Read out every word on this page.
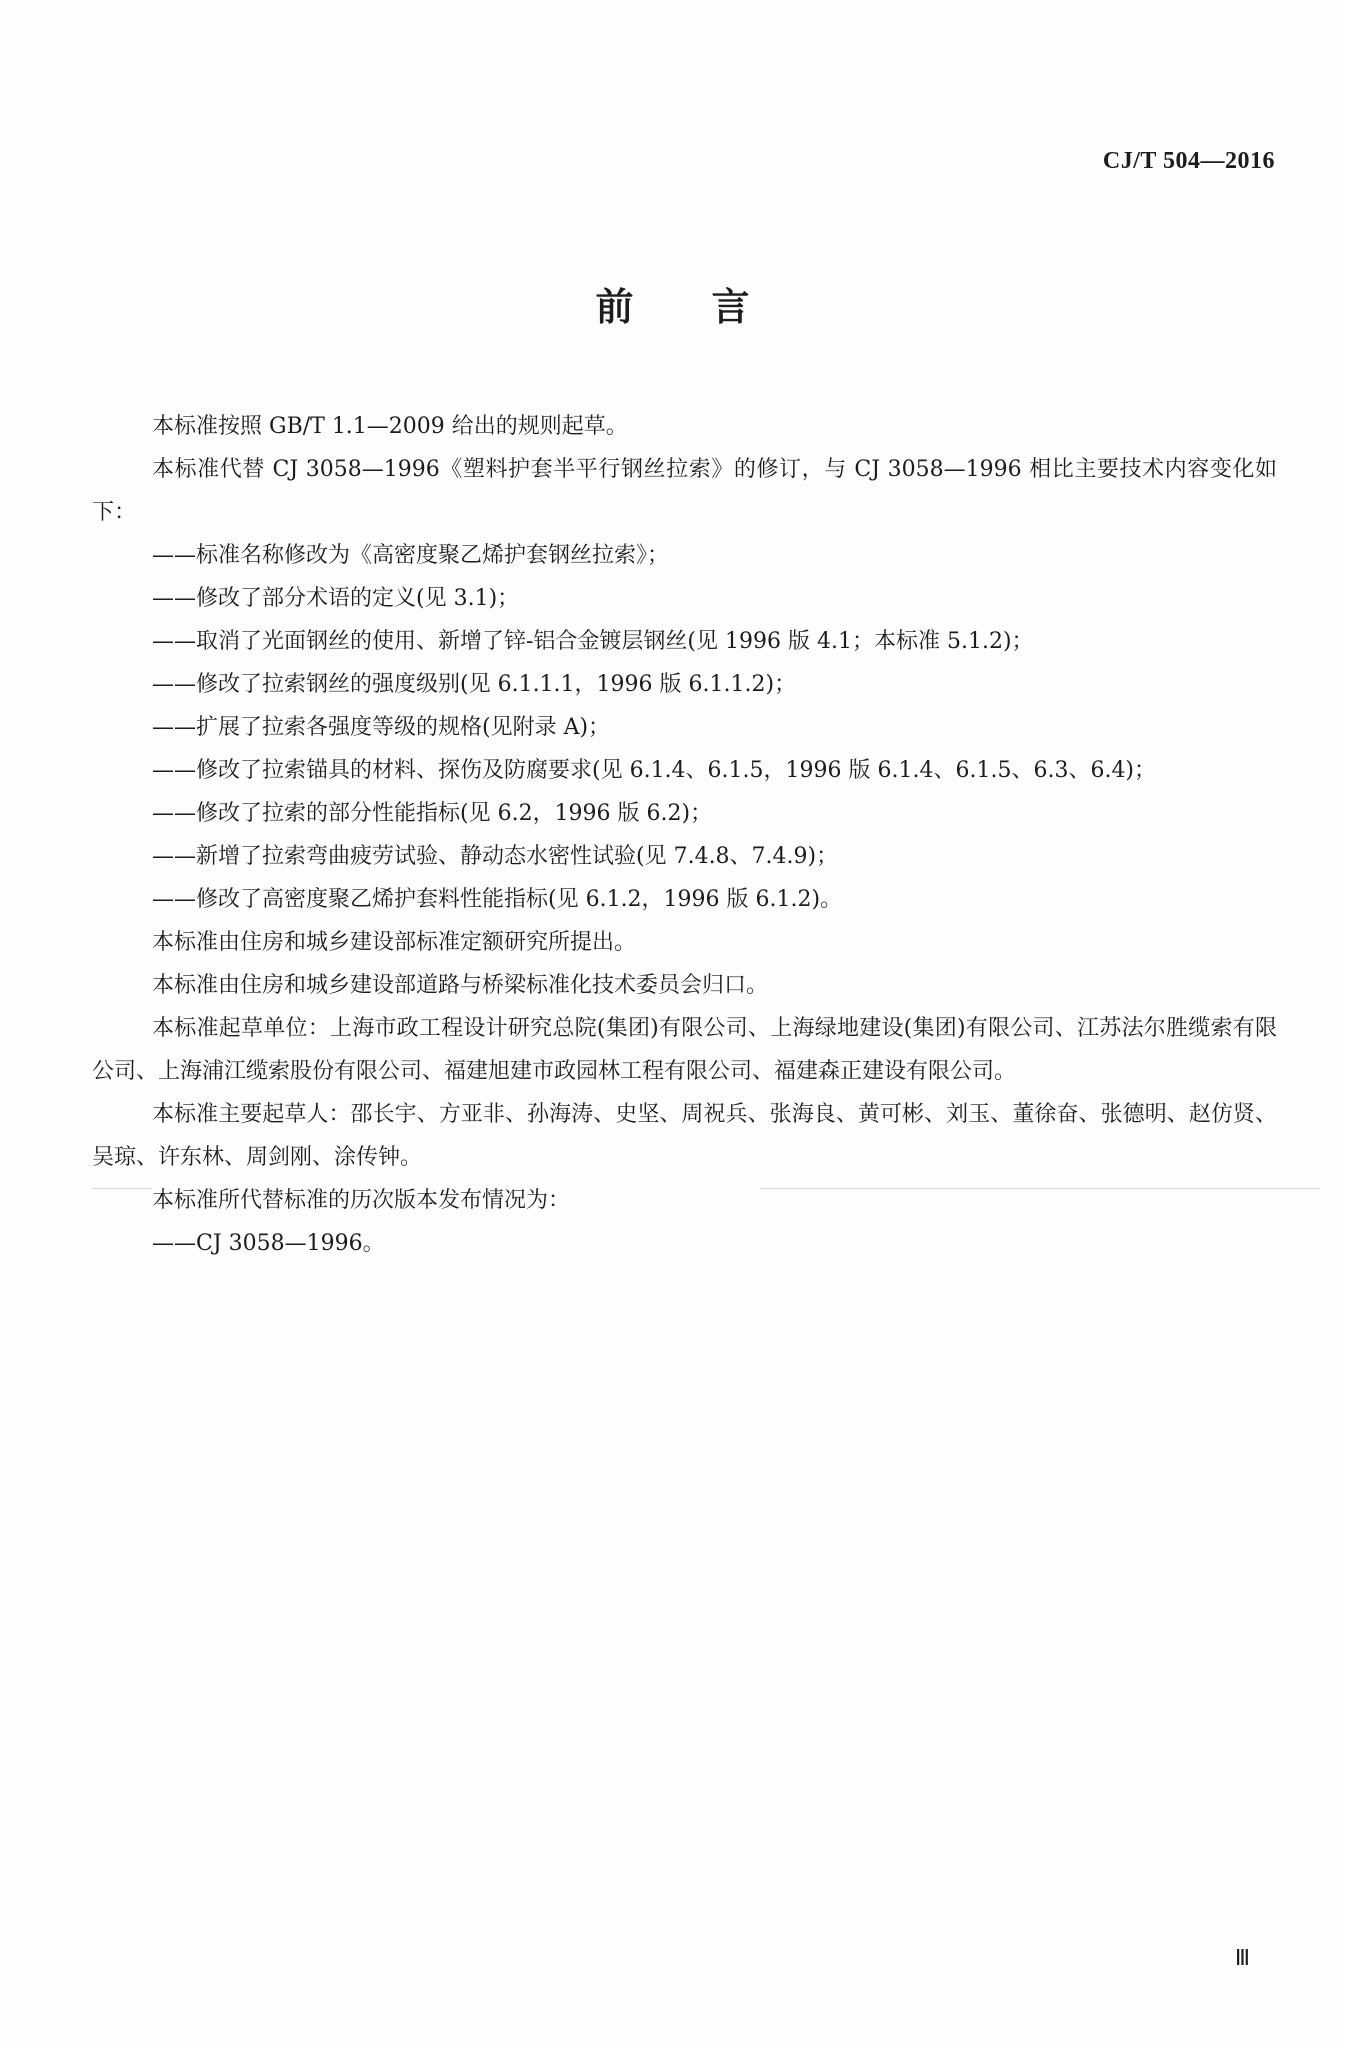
CJ/T 504—2016
前言

本标准按照 GB/T 1.1—2009 给出的规则起草。

本标准代替 CJ 3058—1996《塑料护套半平行钢丝拉索》的修订，与 CJ 3058—1996 相比主要技术内容变化如下：

——标准名称修改为《高密度聚乙烯护套钢丝拉索》；

——修改了部分术语的定义(见 3.1)；

——取消了光面钢丝的使用、新增了锌-铝合金镀层钢丝(见 1996 版 4.1；本标准 5.1.2)；

——修改了拉索钢丝的强度级别(见 6.1.1.1，1996 版 6.1.1.2)；

——扩展了拉索各强度等级的规格(见附录 A)；

——修改了拉索锚具的材料、探伤及防腐要求(见 6.1.4、6.1.5，1996 版 6.1.4、6.1.5、6.3、6.4)；

——修改了拉索的部分性能指标(见 6.2，1996 版 6.2)；

——新增了拉索弯曲疲劳试验、静动态水密性试验(见 7.4.8、7.4.9)；

——修改了高密度聚乙烯护套料性能指标(见 6.1.2，1996 版 6.1.2)。

本标准由住房和城乡建设部标准定额研究所提出。

本标准由住房和城乡建设部道路与桥梁标准化技术委员会归口。

本标准起草单位：上海市政工程设计研究总院(集团)有限公司、上海绿地建设(集团)有限公司、江苏法尔胜缆索有限公司、上海浦江缆索股份有限公司、福建旭建市政园林工程有限公司、福建森正建设有限公司。

本标准主要起草人：邵长宇、方亚非、孙海涛、史坚、周祝兵、张海良、黄可彬、刘玉、董徐奋、张德明、赵仿贤、吴琼、许东林、周剑刚、涂传钟。

本标准所代替标准的历次版本发布情况为：

——CJ 3058—1996。

Ⅲ
